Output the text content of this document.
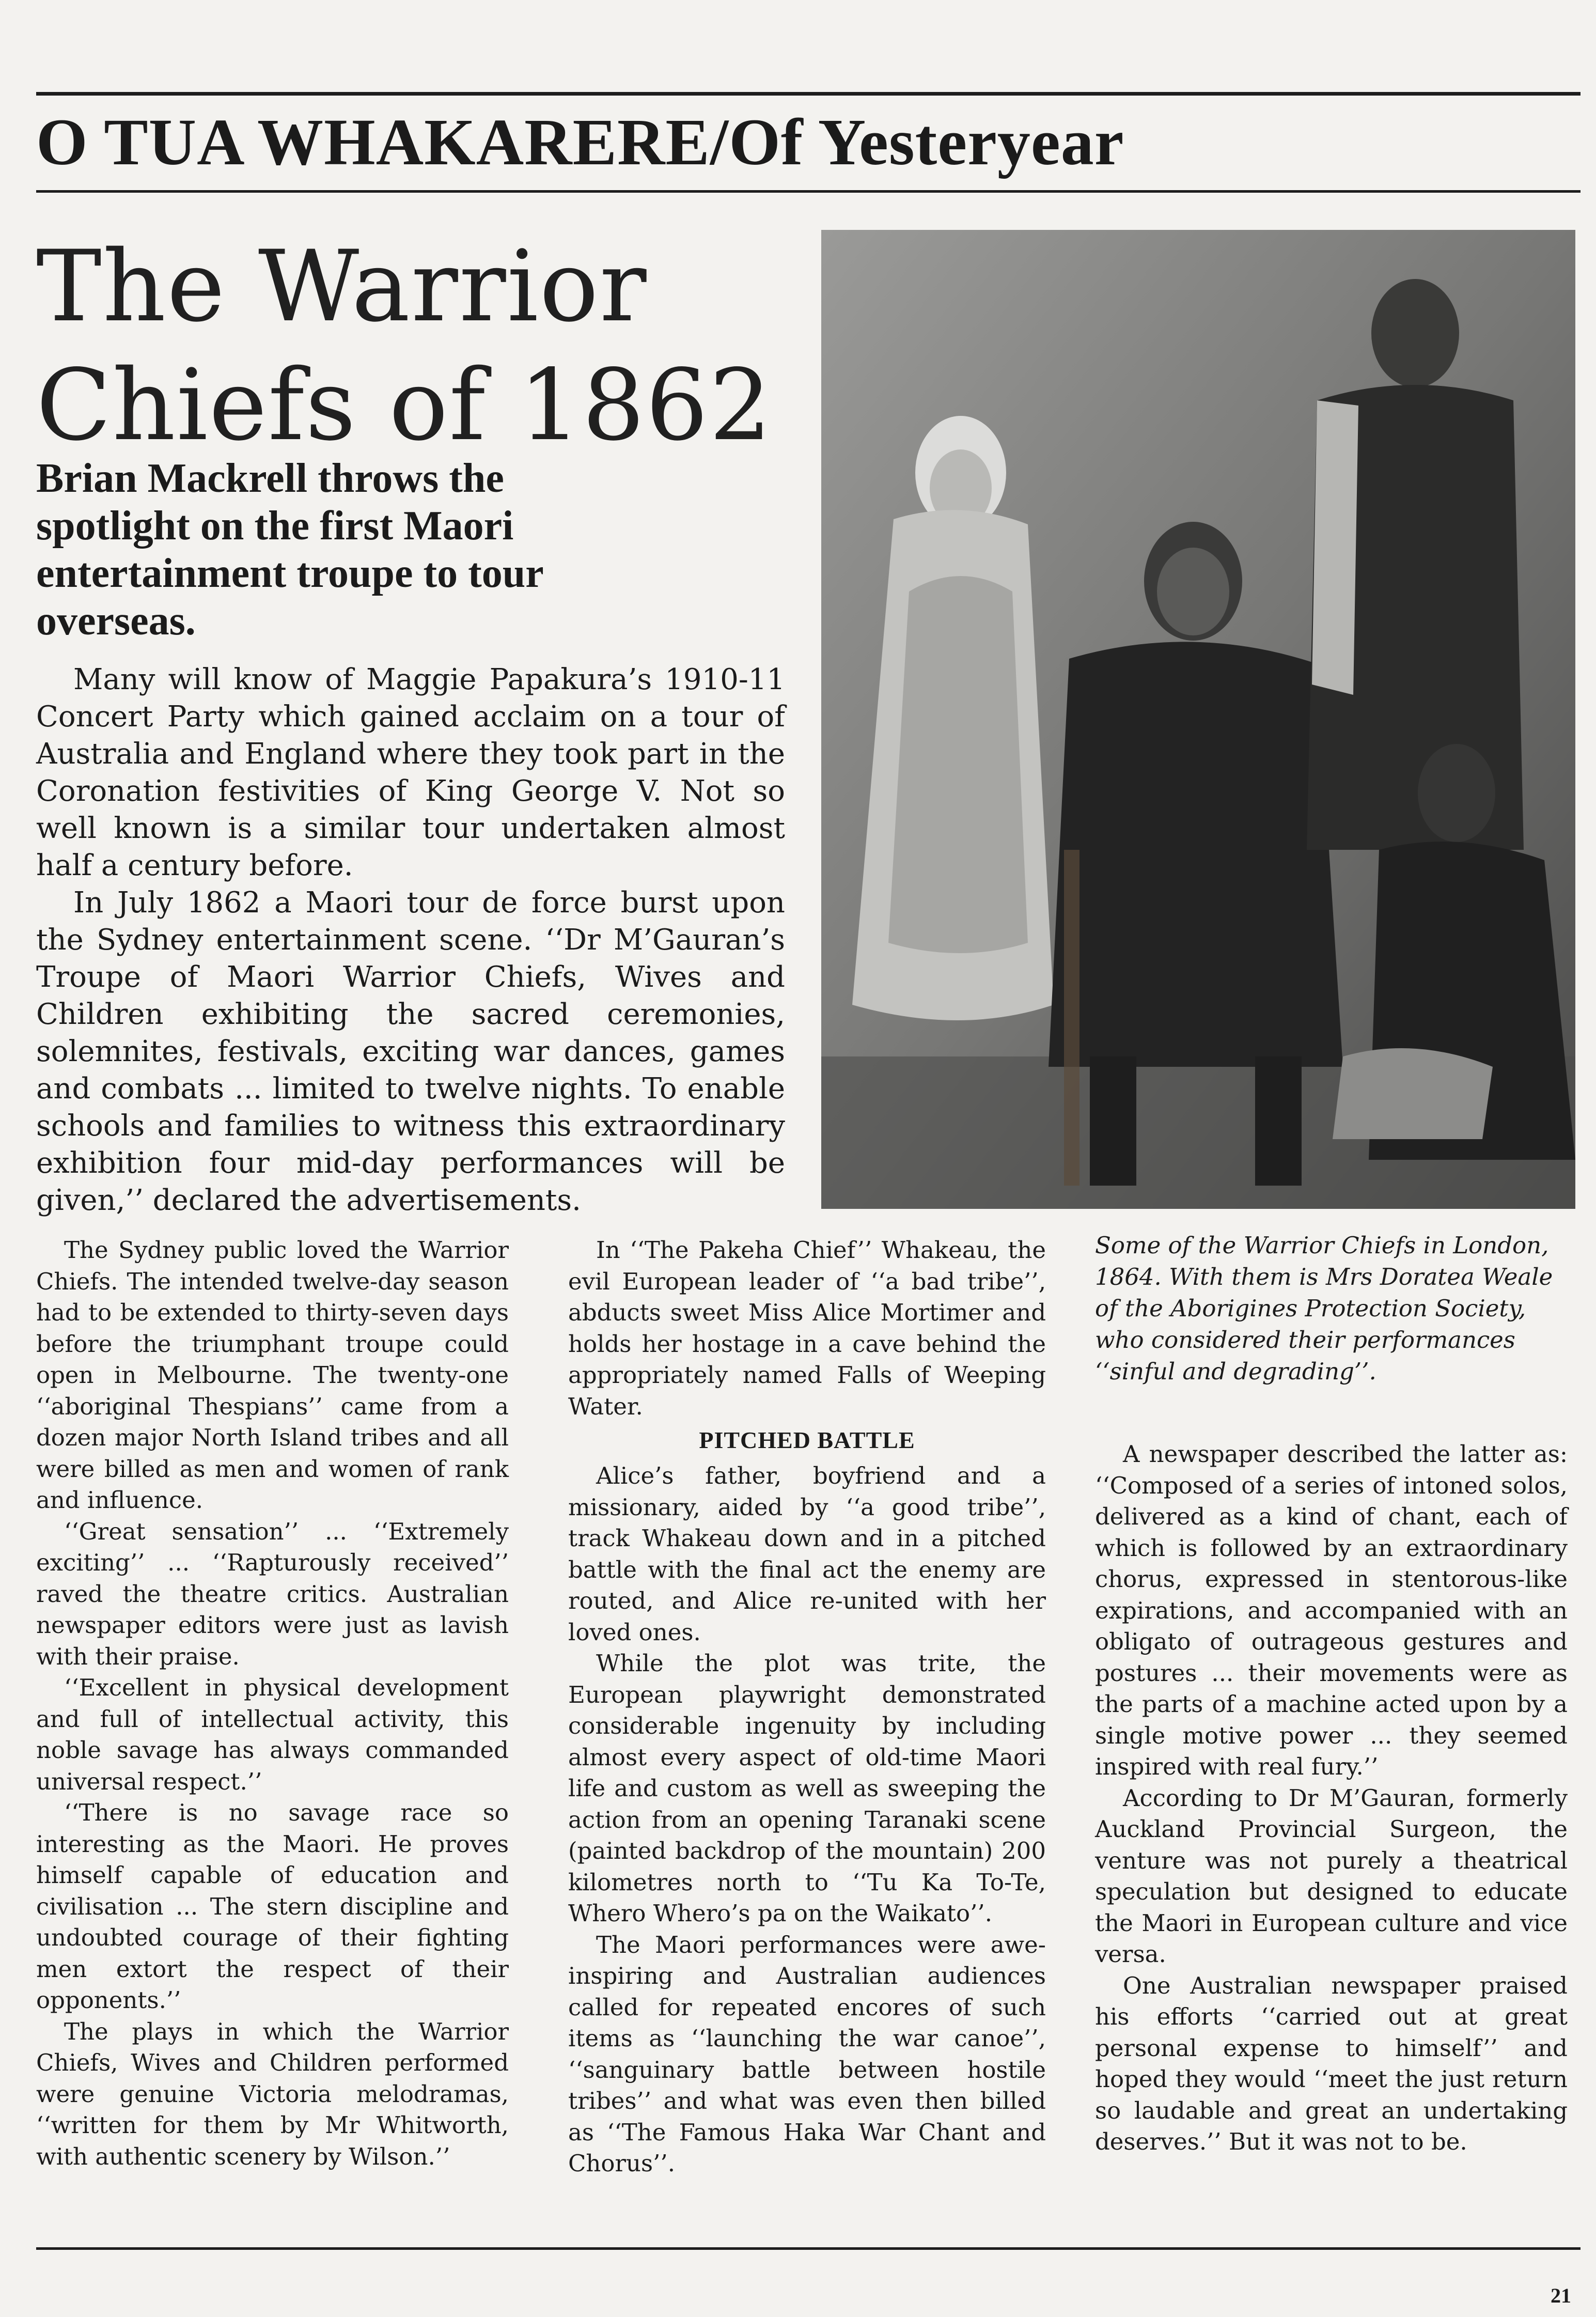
O TUA WHAKARERE/Of Yesteryear
The Warrior
Chiefs of 1862
Brian Mackrell throws the spotlight on the first Maori entertainment troupe to tour overseas.

Many will know of Maggie Papakura’s 1910-11 Concert Party which gained acclaim on a tour of Australia and England where they took part in the Coronation festivities of King George V. Not so well known is a similar tour undertaken almost half a century before.

In July 1862 a Maori tour de force burst upon the Sydney entertainment scene. ‘‘Dr M’Gauran’s Troupe of Maori Warrior Chiefs, Wives and Children exhibiting the sacred ceremonies, solemnites, festivals, exciting war dances, games and combats ... limited to twelve nights. To enable schools and families to witness this extraordinary exhibition four mid-day performances will be given,’’ declared the advertisements.

The Sydney public loved the Warrior Chiefs. The intended twelve-day season had to be extended to thirty-seven days before the triumphant troupe could open in Melbourne. The twenty-one ‘‘aboriginal Thespians’’ came from a dozen major North Island tribes and all were billed as men and women of rank and influence.

‘‘Great sensation’’ ... ‘‘Extremely exciting’’ ... ‘‘Rapturously received’’ raved the theatre critics. Australian newspaper editors were just as lavish with their praise.

‘‘Excellent in physical development and full of intellectual activity, this noble savage has always commanded universal respect.’’

‘‘There is no savage race so interesting as the Maori. He proves himself capable of education and civilisation ... The stern discipline and undoubted courage of their fighting men extort the respect of their opponents.’’

The plays in which the Warrior Chiefs, Wives and Children performed were genuine Victoria melodramas, ‘‘written for them by Mr Whitworth, with authentic scenery by Wilson.’’

In ‘‘The Pakeha Chief’’ Whakeau, the evil European leader of ‘‘a bad tribe’’, abducts sweet Miss Alice Mortimer and holds her hostage in a cave behind the appropriately named Falls of Weeping Water.

PITCHED BATTLE

Alice’s father, boyfriend and a missionary, aided by ‘‘a good tribe’’, track Whakeau down and in a pitched battle with the final act the enemy are routed, and Alice re-united with her loved ones.

While the plot was trite, the European playwright demonstrated considerable ingenuity by including almost every aspect of old-time Maori life and custom as well as sweeping the action from an opening Taranaki scene (painted backdrop of the mountain) 200 kilometres north to ‘‘Tu Ka To-Te, Whero Whero’s pa on the Waikato’’.

The Maori performances were awe-inspiring and Australian audiences called for repeated encores of such items as ‘‘launching the war canoe’’, ‘‘sanguinary battle between hostile tribes’’ and what was even then billed as ‘‘The Famous Haka War Chant and Chorus’’.

Some of the Warrior Chiefs in London, 1864. With them is Mrs Doratea Weale of the Aborigines Protection Society, who considered their performances ‘‘sinful and degrading’’.

A newspaper described the latter as: ‘‘Composed of a series of intoned solos, delivered as a kind of chant, each of which is followed by an extraordinary chorus, expressed in stentorous-like expirations, and accompanied with an obligato of outrageous gestures and postures ... their movements were as the parts of a machine acted upon by a single motive power ... they seemed inspired with real fury.’’

According to Dr M’Gauran, formerly Auckland Provincial Surgeon, the venture was not purely a theatrical speculation but designed to educate the Maori in European culture and vice versa.

One Australian newspaper praised his efforts ‘‘carried out at great personal expense to himself’’ and hoped they would ‘‘meet the just return so laudable and great an undertaking deserves.’’ But it was not to be.

21
